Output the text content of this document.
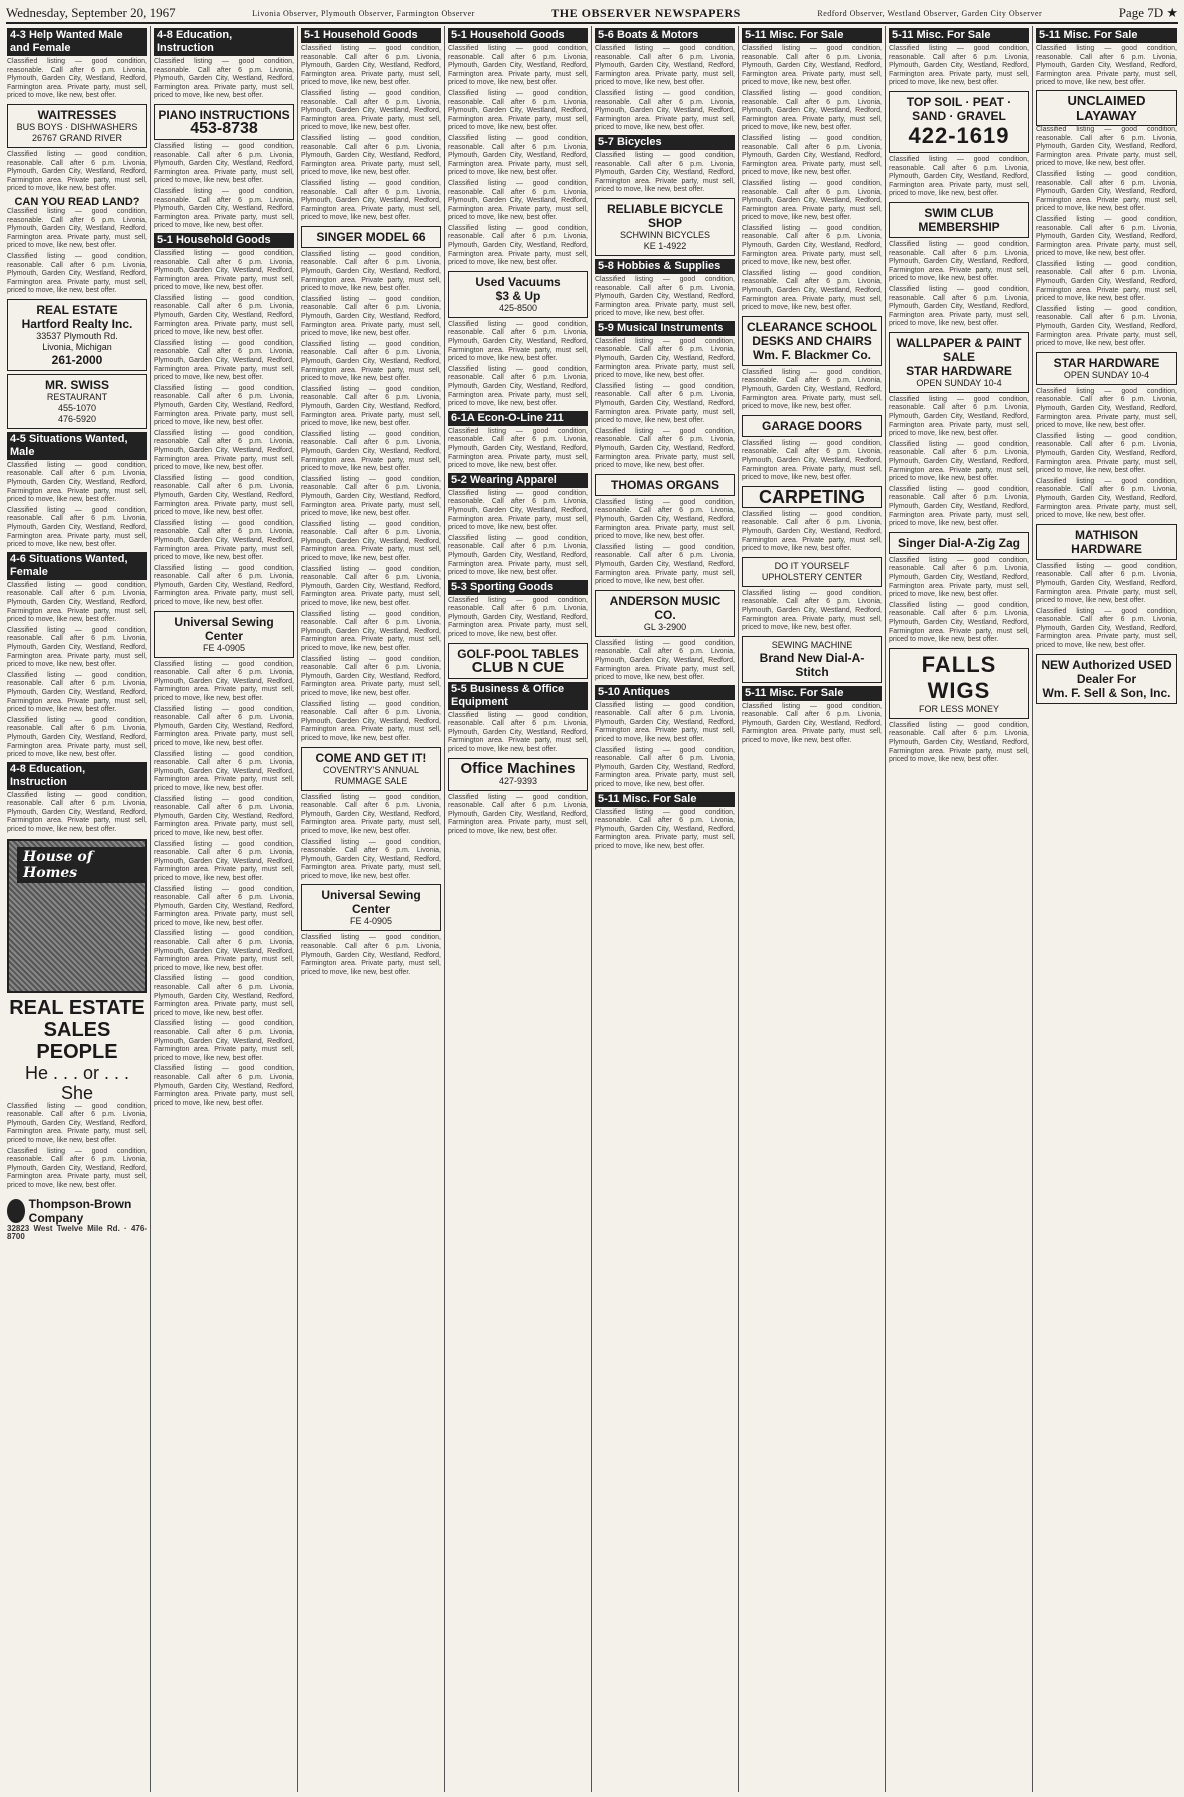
Wednesday, September 20, 1967	Livonia Observer, Plymouth Observer, Farmington Observer	THE OBSERVER NEWSPAPERS	Redford Observer, Westland Observer, Garden City Observer	Page 7D ★
4-3 Help Wanted Male and Female
Classified listing — good condition, reasonable. Call after 6 p.m. Livonia, Plymouth, Garden City, Westland, Redford, Farmington area. Private party, must sell, priced to move, like new, best offer.
WAITRESSES
BUS BOYS · DISHWASHERS
26767 GRAND RIVER
Classified listing — good condition, reasonable. Call after 6 p.m. Livonia, Plymouth, Garden City, Westland, Redford, Farmington area. Private party, must sell, priced to move, like new, best offer.
CAN YOU READ LAND?
Classified listing — good condition, reasonable. Call after 6 p.m. Livonia, Plymouth, Garden City, Westland, Redford, Farmington area. Private party, must sell, priced to move, like new, best offer.
Classified listing — good condition, reasonable. Call after 6 p.m. Livonia, Plymouth, Garden City, Westland, Redford, Farmington area. Private party, must sell, priced to move, like new, best offer.
REAL ESTATE
Hartford Realty Inc.
33537 Plymouth Rd.
Livonia, Michigan
261-2000
MR. SWISS
RESTAURANT
455-1070
476-5920
4-5 Situations Wanted, Male
Classified listing — good condition, reasonable. Call after 6 p.m. Livonia, Plymouth, Garden City, Westland, Redford, Farmington area. Private party, must sell, priced to move, like new, best offer.
Classified listing — good condition, reasonable. Call after 6 p.m. Livonia, Plymouth, Garden City, Westland, Redford, Farmington area. Private party, must sell, priced to move, like new, best offer.
4-6 Situations Wanted, Female
Classified listing — good condition, reasonable. Call after 6 p.m. Livonia, Plymouth, Garden City, Westland, Redford, Farmington area. Private party, must sell, priced to move, like new, best offer.
Classified listing — good condition, reasonable. Call after 6 p.m. Livonia, Plymouth, Garden City, Westland, Redford, Farmington area. Private party, must sell, priced to move, like new, best offer.
Classified listing — good condition, reasonable. Call after 6 p.m. Livonia, Plymouth, Garden City, Westland, Redford, Farmington area. Private party, must sell, priced to move, like new, best offer.
Classified listing — good condition, reasonable. Call after 6 p.m. Livonia, Plymouth, Garden City, Westland, Redford, Farmington area. Private party, must sell, priced to move, like new, best offer.
4-8 Education, Instruction
Classified listing — good condition, reasonable. Call after 6 p.m. Livonia, Plymouth, Garden City, Westland, Redford, Farmington area. Private party, must sell, priced to move, like new, best offer.
House of Homes
REAL ESTATE
SALES PEOPLE
He . . . or . . . She
Classified listing — good condition, reasonable. Call after 6 p.m. Livonia, Plymouth, Garden City, Westland, Redford, Farmington area. Private party, must sell, priced to move, like new, best offer.
Classified listing — good condition, reasonable. Call after 6 p.m. Livonia, Plymouth, Garden City, Westland, Redford, Farmington area. Private party, must sell, priced to move, like new, best offer.
Thompson-Brown Company
32823 West Twelve Mile Rd. · 476-8700
4-8 Education, Instruction
Classified listing — good condition, reasonable. Call after 6 p.m. Livonia, Plymouth, Garden City, Westland, Redford, Farmington area. Private party, must sell, priced to move, like new, best offer.
PIANO INSTRUCTIONS
453-8738
Classified listing — good condition, reasonable. Call after 6 p.m. Livonia, Plymouth, Garden City, Westland, Redford, Farmington area. Private party, must sell, priced to move, like new, best offer.
Classified listing — good condition, reasonable. Call after 6 p.m. Livonia, Plymouth, Garden City, Westland, Redford, Farmington area. Private party, must sell, priced to move, like new, best offer.
5-1 Household Goods
Classified listing — good condition, reasonable. Call after 6 p.m. Livonia, Plymouth, Garden City, Westland, Redford, Farmington area. Private party, must sell, priced to move, like new, best offer.
Classified listing — good condition, reasonable. Call after 6 p.m. Livonia, Plymouth, Garden City, Westland, Redford, Farmington area. Private party, must sell, priced to move, like new, best offer.
Classified listing — good condition, reasonable. Call after 6 p.m. Livonia, Plymouth, Garden City, Westland, Redford, Farmington area. Private party, must sell, priced to move, like new, best offer.
Classified listing — good condition, reasonable. Call after 6 p.m. Livonia, Plymouth, Garden City, Westland, Redford, Farmington area. Private party, must sell, priced to move, like new, best offer.
Classified listing — good condition, reasonable. Call after 6 p.m. Livonia, Plymouth, Garden City, Westland, Redford, Farmington area. Private party, must sell, priced to move, like new, best offer.
Classified listing — good condition, reasonable. Call after 6 p.m. Livonia, Plymouth, Garden City, Westland, Redford, Farmington area. Private party, must sell, priced to move, like new, best offer.
Classified listing — good condition, reasonable. Call after 6 p.m. Livonia, Plymouth, Garden City, Westland, Redford, Farmington area. Private party, must sell, priced to move, like new, best offer.
Classified listing — good condition, reasonable. Call after 6 p.m. Livonia, Plymouth, Garden City, Westland, Redford, Farmington area. Private party, must sell, priced to move, like new, best offer.
Universal Sewing Center
FE 4-0905
Classified listing — good condition, reasonable. Call after 6 p.m. Livonia, Plymouth, Garden City, Westland, Redford, Farmington area. Private party, must sell, priced to move, like new, best offer.
Classified listing — good condition, reasonable. Call after 6 p.m. Livonia, Plymouth, Garden City, Westland, Redford, Farmington area. Private party, must sell, priced to move, like new, best offer.
Classified listing — good condition, reasonable. Call after 6 p.m. Livonia, Plymouth, Garden City, Westland, Redford, Farmington area. Private party, must sell, priced to move, like new, best offer.
Classified listing — good condition, reasonable. Call after 6 p.m. Livonia, Plymouth, Garden City, Westland, Redford, Farmington area. Private party, must sell, priced to move, like new, best offer.
Classified listing — good condition, reasonable. Call after 6 p.m. Livonia, Plymouth, Garden City, Westland, Redford, Farmington area. Private party, must sell, priced to move, like new, best offer.
Classified listing — good condition, reasonable. Call after 6 p.m. Livonia, Plymouth, Garden City, Westland, Redford, Farmington area. Private party, must sell, priced to move, like new, best offer.
Classified listing — good condition, reasonable. Call after 6 p.m. Livonia, Plymouth, Garden City, Westland, Redford, Farmington area. Private party, must sell, priced to move, like new, best offer.
Classified listing — good condition, reasonable. Call after 6 p.m. Livonia, Plymouth, Garden City, Westland, Redford, Farmington area. Private party, must sell, priced to move, like new, best offer.
Classified listing — good condition, reasonable. Call after 6 p.m. Livonia, Plymouth, Garden City, Westland, Redford, Farmington area. Private party, must sell, priced to move, like new, best offer.
Classified listing — good condition, reasonable. Call after 6 p.m. Livonia, Plymouth, Garden City, Westland, Redford, Farmington area. Private party, must sell, priced to move, like new, best offer.
5-1 Household Goods
Classified listing — good condition, reasonable. Call after 6 p.m. Livonia, Plymouth, Garden City, Westland, Redford, Farmington area. Private party, must sell, priced to move, like new, best offer.
Classified listing — good condition, reasonable. Call after 6 p.m. Livonia, Plymouth, Garden City, Westland, Redford, Farmington area. Private party, must sell, priced to move, like new, best offer.
Classified listing — good condition, reasonable. Call after 6 p.m. Livonia, Plymouth, Garden City, Westland, Redford, Farmington area. Private party, must sell, priced to move, like new, best offer.
Classified listing — good condition, reasonable. Call after 6 p.m. Livonia, Plymouth, Garden City, Westland, Redford, Farmington area. Private party, must sell, priced to move, like new, best offer.
SINGER MODEL 66
Classified listing — good condition, reasonable. Call after 6 p.m. Livonia, Plymouth, Garden City, Westland, Redford, Farmington area. Private party, must sell, priced to move, like new, best offer.
Classified listing — good condition, reasonable. Call after 6 p.m. Livonia, Plymouth, Garden City, Westland, Redford, Farmington area. Private party, must sell, priced to move, like new, best offer.
Classified listing — good condition, reasonable. Call after 6 p.m. Livonia, Plymouth, Garden City, Westland, Redford, Farmington area. Private party, must sell, priced to move, like new, best offer.
Classified listing — good condition, reasonable. Call after 6 p.m. Livonia, Plymouth, Garden City, Westland, Redford, Farmington area. Private party, must sell, priced to move, like new, best offer.
Classified listing — good condition, reasonable. Call after 6 p.m. Livonia, Plymouth, Garden City, Westland, Redford, Farmington area. Private party, must sell, priced to move, like new, best offer.
Classified listing — good condition, reasonable. Call after 6 p.m. Livonia, Plymouth, Garden City, Westland, Redford, Farmington area. Private party, must sell, priced to move, like new, best offer.
Classified listing — good condition, reasonable. Call after 6 p.m. Livonia, Plymouth, Garden City, Westland, Redford, Farmington area. Private party, must sell, priced to move, like new, best offer.
Classified listing — good condition, reasonable. Call after 6 p.m. Livonia, Plymouth, Garden City, Westland, Redford, Farmington area. Private party, must sell, priced to move, like new, best offer.
Classified listing — good condition, reasonable. Call after 6 p.m. Livonia, Plymouth, Garden City, Westland, Redford, Farmington area. Private party, must sell, priced to move, like new, best offer.
Classified listing — good condition, reasonable. Call after 6 p.m. Livonia, Plymouth, Garden City, Westland, Redford, Farmington area. Private party, must sell, priced to move, like new, best offer.
Classified listing — good condition, reasonable. Call after 6 p.m. Livonia, Plymouth, Garden City, Westland, Redford, Farmington area. Private party, must sell, priced to move, like new, best offer.
COME AND GET IT!
COVENTRY'S ANNUAL RUMMAGE SALE
Classified listing — good condition, reasonable. Call after 6 p.m. Livonia, Plymouth, Garden City, Westland, Redford, Farmington area. Private party, must sell, priced to move, like new, best offer.
Classified listing — good condition, reasonable. Call after 6 p.m. Livonia, Plymouth, Garden City, Westland, Redford, Farmington area. Private party, must sell, priced to move, like new, best offer.
Universal Sewing Center
FE 4-0905
Classified listing — good condition, reasonable. Call after 6 p.m. Livonia, Plymouth, Garden City, Westland, Redford, Farmington area. Private party, must sell, priced to move, like new, best offer.
5-1 Household Goods
Classified listing — good condition, reasonable. Call after 6 p.m. Livonia, Plymouth, Garden City, Westland, Redford, Farmington area. Private party, must sell, priced to move, like new, best offer.
Classified listing — good condition, reasonable. Call after 6 p.m. Livonia, Plymouth, Garden City, Westland, Redford, Farmington area. Private party, must sell, priced to move, like new, best offer.
Classified listing — good condition, reasonable. Call after 6 p.m. Livonia, Plymouth, Garden City, Westland, Redford, Farmington area. Private party, must sell, priced to move, like new, best offer.
Classified listing — good condition, reasonable. Call after 6 p.m. Livonia, Plymouth, Garden City, Westland, Redford, Farmington area. Private party, must sell, priced to move, like new, best offer.
Classified listing — good condition, reasonable. Call after 6 p.m. Livonia, Plymouth, Garden City, Westland, Redford, Farmington area. Private party, must sell, priced to move, like new, best offer.
Used Vacuums
$3 & Up
425-8500
Classified listing — good condition, reasonable. Call after 6 p.m. Livonia, Plymouth, Garden City, Westland, Redford, Farmington area. Private party, must sell, priced to move, like new, best offer.
Classified listing — good condition, reasonable. Call after 6 p.m. Livonia, Plymouth, Garden City, Westland, Redford, Farmington area. Private party, must sell, priced to move, like new, best offer.
6-1A Econ-O-Line 211
Classified listing — good condition, reasonable. Call after 6 p.m. Livonia, Plymouth, Garden City, Westland, Redford, Farmington area. Private party, must sell, priced to move, like new, best offer.
5-2 Wearing Apparel
Classified listing — good condition, reasonable. Call after 6 p.m. Livonia, Plymouth, Garden City, Westland, Redford, Farmington area. Private party, must sell, priced to move, like new, best offer.
Classified listing — good condition, reasonable. Call after 6 p.m. Livonia, Plymouth, Garden City, Westland, Redford, Farmington area. Private party, must sell, priced to move, like new, best offer.
5-3 Sporting Goods
Classified listing — good condition, reasonable. Call after 6 p.m. Livonia, Plymouth, Garden City, Westland, Redford, Farmington area. Private party, must sell, priced to move, like new, best offer.
GOLF-POOL TABLES
CLUB N CUE
5-5 Business & Office Equipment
Classified listing — good condition, reasonable. Call after 6 p.m. Livonia, Plymouth, Garden City, Westland, Redford, Farmington area. Private party, must sell, priced to move, like new, best offer.
Office Machines
427-9393
Classified listing — good condition, reasonable. Call after 6 p.m. Livonia, Plymouth, Garden City, Westland, Redford, Farmington area. Private party, must sell, priced to move, like new, best offer.
5-6 Boats & Motors
Classified listing — good condition, reasonable. Call after 6 p.m. Livonia, Plymouth, Garden City, Westland, Redford, Farmington area. Private party, must sell, priced to move, like new, best offer.
Classified listing — good condition, reasonable. Call after 6 p.m. Livonia, Plymouth, Garden City, Westland, Redford, Farmington area. Private party, must sell, priced to move, like new, best offer.
5-7 Bicycles
Classified listing — good condition, reasonable. Call after 6 p.m. Livonia, Plymouth, Garden City, Westland, Redford, Farmington area. Private party, must sell, priced to move, like new, best offer.
RELIABLE BICYCLE SHOP
SCHWINN BICYCLES
KE 1-4922
5-8 Hobbies & Supplies
Classified listing — good condition, reasonable. Call after 6 p.m. Livonia, Plymouth, Garden City, Westland, Redford, Farmington area. Private party, must sell, priced to move, like new, best offer.
5-9 Musical Instruments
Classified listing — good condition, reasonable. Call after 6 p.m. Livonia, Plymouth, Garden City, Westland, Redford, Farmington area. Private party, must sell, priced to move, like new, best offer.
Classified listing — good condition, reasonable. Call after 6 p.m. Livonia, Plymouth, Garden City, Westland, Redford, Farmington area. Private party, must sell, priced to move, like new, best offer.
Classified listing — good condition, reasonable. Call after 6 p.m. Livonia, Plymouth, Garden City, Westland, Redford, Farmington area. Private party, must sell, priced to move, like new, best offer.
THOMAS ORGANS
Classified listing — good condition, reasonable. Call after 6 p.m. Livonia, Plymouth, Garden City, Westland, Redford, Farmington area. Private party, must sell, priced to move, like new, best offer.
Classified listing — good condition, reasonable. Call after 6 p.m. Livonia, Plymouth, Garden City, Westland, Redford, Farmington area. Private party, must sell, priced to move, like new, best offer.
ANDERSON MUSIC CO.
GL 3-2900
Classified listing — good condition, reasonable. Call after 6 p.m. Livonia, Plymouth, Garden City, Westland, Redford, Farmington area. Private party, must sell, priced to move, like new, best offer.
5-10 Antiques
Classified listing — good condition, reasonable. Call after 6 p.m. Livonia, Plymouth, Garden City, Westland, Redford, Farmington area. Private party, must sell, priced to move, like new, best offer.
Classified listing — good condition, reasonable. Call after 6 p.m. Livonia, Plymouth, Garden City, Westland, Redford, Farmington area. Private party, must sell, priced to move, like new, best offer.
5-11 Misc. For Sale
Classified listing — good condition, reasonable. Call after 6 p.m. Livonia, Plymouth, Garden City, Westland, Redford, Farmington area. Private party, must sell, priced to move, like new, best offer.
5-11 Misc. For Sale
Classified listing — good condition, reasonable. Call after 6 p.m. Livonia, Plymouth, Garden City, Westland, Redford, Farmington area. Private party, must sell, priced to move, like new, best offer.
Classified listing — good condition, reasonable. Call after 6 p.m. Livonia, Plymouth, Garden City, Westland, Redford, Farmington area. Private party, must sell, priced to move, like new, best offer.
Classified listing — good condition, reasonable. Call after 6 p.m. Livonia, Plymouth, Garden City, Westland, Redford, Farmington area. Private party, must sell, priced to move, like new, best offer.
Classified listing — good condition, reasonable. Call after 6 p.m. Livonia, Plymouth, Garden City, Westland, Redford, Farmington area. Private party, must sell, priced to move, like new, best offer.
Classified listing — good condition, reasonable. Call after 6 p.m. Livonia, Plymouth, Garden City, Westland, Redford, Farmington area. Private party, must sell, priced to move, like new, best offer.
Classified listing — good condition, reasonable. Call after 6 p.m. Livonia, Plymouth, Garden City, Westland, Redford, Farmington area. Private party, must sell, priced to move, like new, best offer.
CLEARANCE SCHOOL DESKS AND CHAIRS
Wm. F. Blackmer Co.
Classified listing — good condition, reasonable. Call after 6 p.m. Livonia, Plymouth, Garden City, Westland, Redford, Farmington area. Private party, must sell, priced to move, like new, best offer.
GARAGE DOORS
Classified listing — good condition, reasonable. Call after 6 p.m. Livonia, Plymouth, Garden City, Westland, Redford, Farmington area. Private party, must sell, priced to move, like new, best offer.
CARPETING
Classified listing — good condition, reasonable. Call after 6 p.m. Livonia, Plymouth, Garden City, Westland, Redford, Farmington area. Private party, must sell, priced to move, like new, best offer.
DO IT YOURSELF UPHOLSTERY CENTER
Classified listing — good condition, reasonable. Call after 6 p.m. Livonia, Plymouth, Garden City, Westland, Redford, Farmington area. Private party, must sell, priced to move, like new, best offer.
SEWING MACHINE
Brand New Dial-A-Stitch
5-11 Misc. For Sale
Classified listing — good condition, reasonable. Call after 6 p.m. Livonia, Plymouth, Garden City, Westland, Redford, Farmington area. Private party, must sell, priced to move, like new, best offer.
5-11 Misc. For Sale
Classified listing — good condition, reasonable. Call after 6 p.m. Livonia, Plymouth, Garden City, Westland, Redford, Farmington area. Private party, must sell, priced to move, like new, best offer.
TOP SOIL · PEAT · SAND · GRAVEL
422-1619
Classified listing — good condition, reasonable. Call after 6 p.m. Livonia, Plymouth, Garden City, Westland, Redford, Farmington area. Private party, must sell, priced to move, like new, best offer.
SWIM CLUB MEMBERSHIP
Classified listing — good condition, reasonable. Call after 6 p.m. Livonia, Plymouth, Garden City, Westland, Redford, Farmington area. Private party, must sell, priced to move, like new, best offer.
Classified listing — good condition, reasonable. Call after 6 p.m. Livonia, Plymouth, Garden City, Westland, Redford, Farmington area. Private party, must sell, priced to move, like new, best offer.
WALLPAPER & PAINT SALE
STAR HARDWARE
OPEN SUNDAY 10-4
Classified listing — good condition, reasonable. Call after 6 p.m. Livonia, Plymouth, Garden City, Westland, Redford, Farmington area. Private party, must sell, priced to move, like new, best offer.
Classified listing — good condition, reasonable. Call after 6 p.m. Livonia, Plymouth, Garden City, Westland, Redford, Farmington area. Private party, must sell, priced to move, like new, best offer.
Classified listing — good condition, reasonable. Call after 6 p.m. Livonia, Plymouth, Garden City, Westland, Redford, Farmington area. Private party, must sell, priced to move, like new, best offer.
Singer Dial-A-Zig Zag
Classified listing — good condition, reasonable. Call after 6 p.m. Livonia, Plymouth, Garden City, Westland, Redford, Farmington area. Private party, must sell, priced to move, like new, best offer.
Classified listing — good condition, reasonable. Call after 6 p.m. Livonia, Plymouth, Garden City, Westland, Redford, Farmington area. Private party, must sell, priced to move, like new, best offer.
FALLS WIGS
FOR LESS MONEY
Classified listing — good condition, reasonable. Call after 6 p.m. Livonia, Plymouth, Garden City, Westland, Redford, Farmington area. Private party, must sell, priced to move, like new, best offer.
5-11 Misc. For Sale
Classified listing — good condition, reasonable. Call after 6 p.m. Livonia, Plymouth, Garden City, Westland, Redford, Farmington area. Private party, must sell, priced to move, like new, best offer.
UNCLAIMED LAYAWAY
Classified listing — good condition, reasonable. Call after 6 p.m. Livonia, Plymouth, Garden City, Westland, Redford, Farmington area. Private party, must sell, priced to move, like new, best offer.
Classified listing — good condition, reasonable. Call after 6 p.m. Livonia, Plymouth, Garden City, Westland, Redford, Farmington area. Private party, must sell, priced to move, like new, best offer.
Classified listing — good condition, reasonable. Call after 6 p.m. Livonia, Plymouth, Garden City, Westland, Redford, Farmington area. Private party, must sell, priced to move, like new, best offer.
Classified listing — good condition, reasonable. Call after 6 p.m. Livonia, Plymouth, Garden City, Westland, Redford, Farmington area. Private party, must sell, priced to move, like new, best offer.
Classified listing — good condition, reasonable. Call after 6 p.m. Livonia, Plymouth, Garden City, Westland, Redford, Farmington area. Private party, must sell, priced to move, like new, best offer.
STAR HARDWARE
OPEN SUNDAY 10-4
Classified listing — good condition, reasonable. Call after 6 p.m. Livonia, Plymouth, Garden City, Westland, Redford, Farmington area. Private party, must sell, priced to move, like new, best offer.
Classified listing — good condition, reasonable. Call after 6 p.m. Livonia, Plymouth, Garden City, Westland, Redford, Farmington area. Private party, must sell, priced to move, like new, best offer.
Classified listing — good condition, reasonable. Call after 6 p.m. Livonia, Plymouth, Garden City, Westland, Redford, Farmington area. Private party, must sell, priced to move, like new, best offer.
MATHISON HARDWARE
Classified listing — good condition, reasonable. Call after 6 p.m. Livonia, Plymouth, Garden City, Westland, Redford, Farmington area. Private party, must sell, priced to move, like new, best offer.
Classified listing — good condition, reasonable. Call after 6 p.m. Livonia, Plymouth, Garden City, Westland, Redford, Farmington area. Private party, must sell, priced to move, like new, best offer.
NEW Authorized USED Dealer For
Wm. F. Sell & Son, Inc.
